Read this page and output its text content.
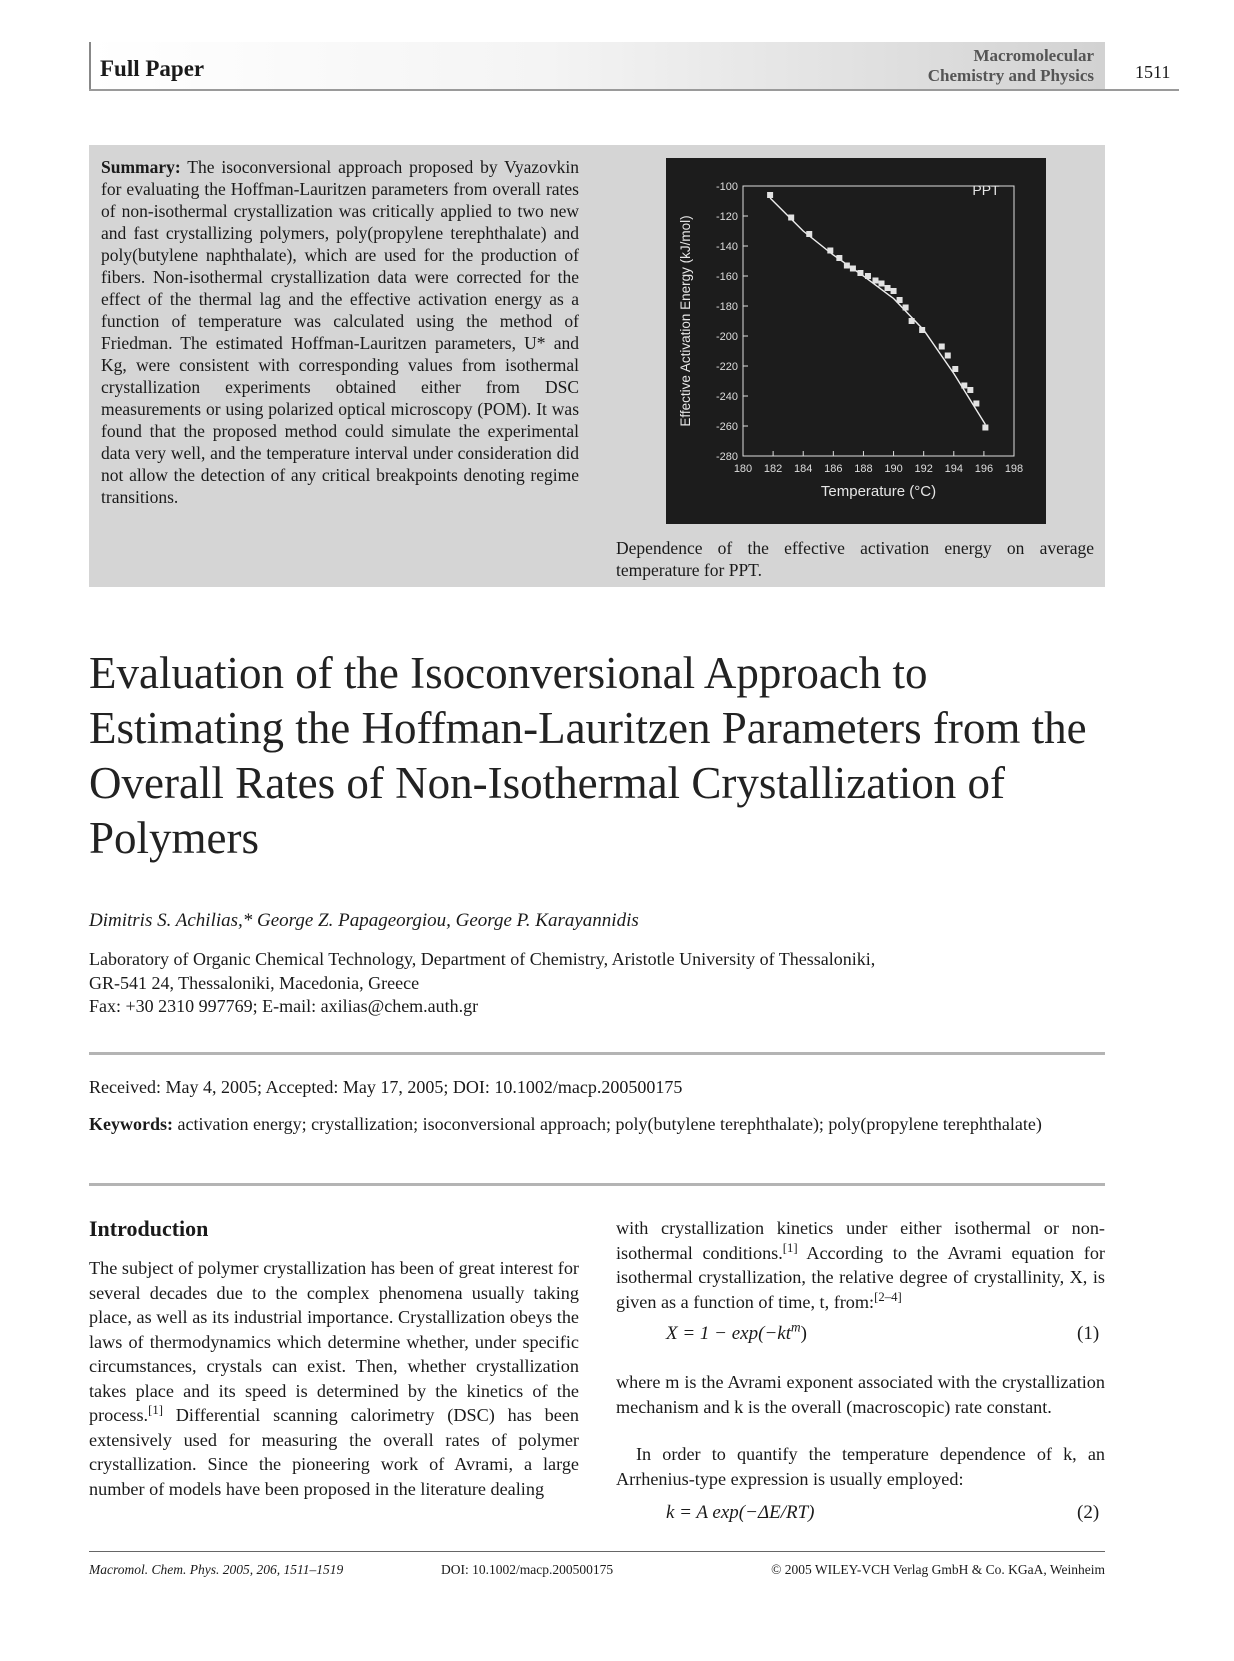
Full Paper
Macromolecular
Chemistry and Physics 1511
Summary: The isoconversional approach proposed by Vyazovkin for evaluating the Hoffman-Lauritzen parameters from overall rates of non-isothermal crystallization was critically applied to two new and fast crystallizing polymers, poly(propylene terephthalate) and poly(butylene naphthalate), which are used for the production of fibers. Non-isothermal crystallization data were corrected for the effect of the thermal lag and the effective activation energy as a function of temperature was calculated using the method of Friedman. The estimated Hoffman-Lauritzen parameters, U* and Kg, were consistent with corresponding values from isothermal crystallization experiments obtained either from DSC measurements or using polarized optical microscopy (POM). It was found that the proposed method could simulate the experimental data very well, and the temperature interval under consideration did not allow the detection of any critical breakpoints denoting regime transitions.
-100
-120
-140
-160
-180
-200
-220
-240
-260
-280
180 182 184 186 188 190 192 194 196 198
Temperature (°C)
Effective Activation Energy (kJ/mol)
PPT
Dependence of the effective activation energy on average temperature for PPT.
Evaluation of the Isoconversional Approach to Estimating the Hoffman-Lauritzen Parameters from the Overall Rates of Non-Isothermal Crystallization of Polymers
Dimitris S. Achilias,* George Z. Papageorgiou, George P. Karayannidis
Laboratory of Organic Chemical Technology, Department of Chemistry, Aristotle University of Thessaloniki,
GR-541 24, Thessaloniki, Macedonia, Greece
Fax: +30 2310 997769; E-mail: axilias@chem.auth.gr
Received: May 4, 2005; Accepted: May 17, 2005; DOI: 10.1002/macp.200500175
Keywords: activation energy; crystallization; isoconversional approach; poly(butylene terephthalate); poly(propylene terephthalate)
Introduction
The subject of polymer crystallization has been of great interest for several decades due to the complex phenomena usually taking place, as well as its industrial importance. Crystallization obeys the laws of thermodynamics which determine whether, under specific circumstances, crystals can exist. Then, whether crystallization takes place and its speed is determined by the kinetics of the process.[1] Differential scanning calorimetry (DSC) has been extensively used for measuring the overall rates of polymer crystallization. Since the pioneering work of Avrami, a large number of models have been proposed in the literature dealing
with crystallization kinetics under either isothermal or non-isothermal conditions.[1] According to the Avrami equation for isothermal crystallization, the relative degree of crystallinity, X, is given as a function of time, t, from:[2–4]
$X = 1 - \exp(-kt^m)$	(1)
where m is the Avrami exponent associated with the crystallization mechanism and k is the overall (macroscopic) rate constant.
In order to quantify the temperature dependence of k, an Arrhenius-type expression is usually employed:
k = A exp(−ΔE/RT)	(2)
Macromol. Chem. Phys. 2005, 206, 1511–1519	DOI: 10.1002/macp.200500175	© 2005 WILEY-VCH Verlag GmbH & Co. KGaA, Weinheim
